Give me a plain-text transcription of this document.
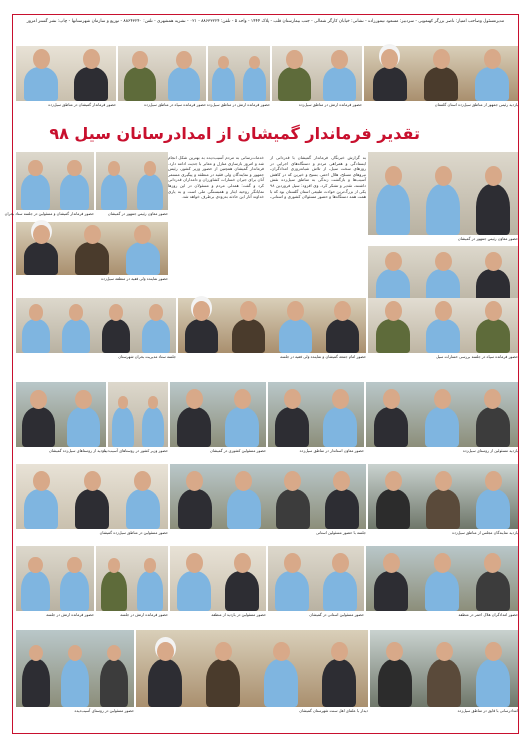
مدیرمسئول وصاحب امتیاز: ناصر برزگر کهنمویی - سردبیر: مسعود تیمورزاده - نشانی: خیابان کارگر شمالی - جنب بیمارستان قلب - پلاک ۱۴۴۴ - واحد ۵ - تلفن: ۸۸۶۳۳۲۲۴ - ۰۲۱ - نشریه همشهری - تلفن: ۸۸۶۴۳۲۴۰ - توزیع و سازمان شهرستانها - چاپ: نشر گستر امروز
تقدیر فرماندار گمیشان از امدادرسانان سیل ۹۸
به گزارش خبرنگار، فرماندار گمیشان با قدردانی از ایستادگی و همراهی مردم و دستگاه‌های اجرایی در روزهای سخت سیل، از تلاش شبانه‌روزی امدادگران، نیروهای مسلح، هلال احمر، بسیج و خیرین که در کاهش آسیب‌ها و بازگشت زندگی به مناطق سیل‌زده نقش داشتند، تقدیر و تشکر کرد. وی افزود: سیل فروردین ۹۸ یکی از بزرگ‌ترین حوادث طبیعی استان گلستان بود که با همت همه دستگاه‌ها و حضور مسئولان کشوری و استانی، خدمات‌رسانی به مردم آسیب‌دیده به بهترین شکل انجام شد و امروز بازسازی منازل و معابر با جدیت ادامه دارد. فرماندار گمیشان همچنین از حضور وزیر کشور، رئیس جمهور و نمایندگان ولی فقیه در منطقه و پیگیری مستمر آنان برای جبران خسارات کشاورزان و دامداران قدردانی کرد و گفت: همدلی مردم و مسئولان در این روزها نمایانگر روحیه ایثار و همبستگی ملی است و به یاری خداوند آثار این حادثه به‌زودی برطرف خواهد شد.
حضور فرماندار گمیشان در مناطق سیل‌زده	حضور فرمانده سپاه در مناطق سیل‌زده حضور فرمانده ارتش در مناطق سیل‌زده	حضور فرمانده ارتش در مناطق سیل‌زده	بازدید رئیس جمهور از مناطق سیل‌زده استان گلستان
حضور فرماندار گمیشان و مسئولین در جلسه ستاد بحران	حضور معاون رئیس جمهور در گمیشان
حضور معاون رئیس جمهور در گمیشان
حضور نماینده ولی فقیه در منطقه سیل‌زده
جلسه ستاد مدیریت بحران شهرستان	حضور امام جمعه گمیشان و نماینده ولی فقیه در جلسه	حضور فرمانده سپاه در جلسه بررسی خسارات سیل
بازدید از روستاهای سیل‌زده گمیشان
حضور وزیر کشور در روستاهای آسیب‌دیده	حضور مسئولین کشوری در گمیشان	حضور معاون استاندار در مناطق سیل‌زده	بازدید مسئولین از روستای سیل‌زده
حضور مسئولین در مناطق سیل‌زده گمیشان	جلسه با حضور مسئولین استانی	بازدید نمایندگان مجلس از مناطق سیل‌زده
حضور فرمانده ارتش در جلسه	حضور فرمانده ارتش در جلسه	حضور مسئولین در بازدید از منطقه	حضور مسئولین استانی در گمیشان	حضور امدادگران هلال احمر در منطقه
حضور مسئولین در روستای آسیب‌دیده	دیدار با علمای اهل سنت شهرستان گمیشان	امدادرسانی با قایق در مناطق سیل‌زده
